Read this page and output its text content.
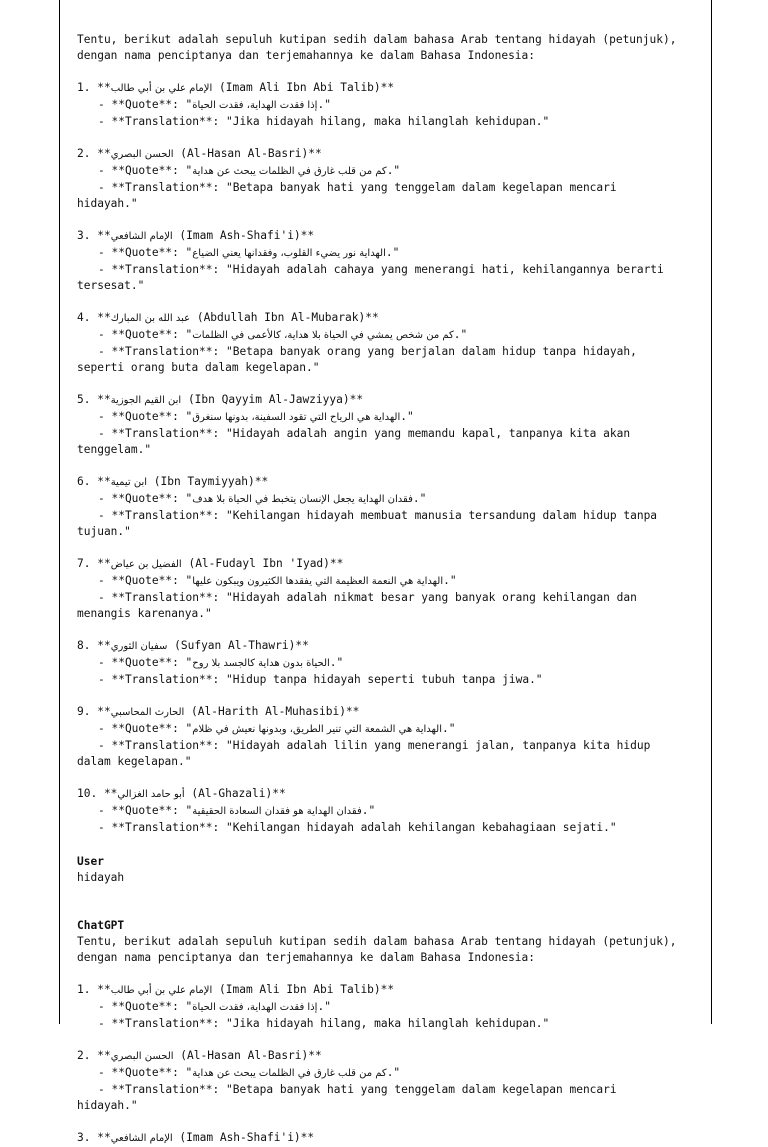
Tentu, berikut adalah sepuluh kutipan sedih dalam bahasa Arab tentang hidayah (petunjuk),
dengan nama penciptanya dan terjemahannya ke dalam Bahasa Indonesia:
1. **الإمام علي بن أبي طالب (Imam Ali Ibn Abi Talib)**
- **Quote**: "إذا فقدت الهداية، فقدت الحياة."
- **Translation**: "Jika hidayah hilang, maka hilanglah kehidupan."
2. **الحسن البصري (Al-Hasan Al-Basri)**
- **Quote**: "كم من قلب غارق في الظلمات يبحث عن هداية."
- **Translation**: "Betapa banyak hati yang tenggelam dalam kegelapan mencari
hidayah."
3. **الإمام الشافعي (Imam Ash-Shafi'i)**
- **Quote**: "الهداية نور يضيء القلوب، وفقدانها يعني الضياع."
- **Translation**: "Hidayah adalah cahaya yang menerangi hati, kehilangannya berarti
tersesat."
4. **عبد الله بن المبارك (Abdullah Ibn Al-Mubarak)**
- **Quote**: "كم من شخص يمشي في الحياة بلا هداية، كالأعمى في الظلمات."
- **Translation**: "Betapa banyak orang yang berjalan dalam hidup tanpa hidayah,
seperti orang buta dalam kegelapan."
5. **ابن القيم الجوزية (Ibn Qayyim Al-Jawziyya)**
- **Quote**: "الهداية هي الرياح التي تقود السفينة، بدونها سنغرق."
- **Translation**: "Hidayah adalah angin yang memandu kapal, tanpanya kita akan
tenggelam."
6. **ابن تيمية (Ibn Taymiyyah)**
- **Quote**: "فقدان الهداية يجعل الإنسان يتخبط في الحياة بلا هدف."
- **Translation**: "Kehilangan hidayah membuat manusia tersandung dalam hidup tanpa
tujuan."
7. **الفضيل بن عياض (Al-Fudayl Ibn 'Iyad)**
- **Quote**: "الهداية هي النعمة العظيمة التي يفقدها الكثيرون ويبكون عليها."
- **Translation**: "Hidayah adalah nikmat besar yang banyak orang kehilangan dan
menangis karenanya."
8. **سفيان الثوري (Sufyan Al-Thawri)**
- **Quote**: "الحياة بدون هداية كالجسد بلا روح."
- **Translation**: "Hidup tanpa hidayah seperti tubuh tanpa jiwa."
9. **الحارث المحاسبي (Al-Harith Al-Muhasibi)**
- **Quote**: "الهداية هي الشمعة التي تنير الطريق، وبدونها نعيش في ظلام."
- **Translation**: "Hidayah adalah lilin yang menerangi jalan, tanpanya kita hidup
dalam kegelapan."
10. **أبو حامد الغزالي (Al-Ghazali)**
- **Quote**: "فقدان الهداية هو فقدان السعادة الحقيقية."
- **Translation**: "Kehilangan hidayah adalah kehilangan kebahagiaan sejati."
User
hidayah
ChatGPT
Tentu, berikut adalah sepuluh kutipan sedih dalam bahasa Arab tentang hidayah (petunjuk),
dengan nama penciptanya dan terjemahannya ke dalam Bahasa Indonesia:
1. **الإمام علي بن أبي طالب (Imam Ali Ibn Abi Talib)**
- **Quote**: "إذا فقدت الهداية، فقدت الحياة."
- **Translation**: "Jika hidayah hilang, maka hilanglah kehidupan."
2. **الحسن البصري (Al-Hasan Al-Basri)**
- **Quote**: "كم من قلب غارق في الظلمات يبحث عن هداية."
- **Translation**: "Betapa banyak hati yang tenggelam dalam kegelapan mencari
hidayah."
3. **الإمام الشافعي (Imam Ash-Shafi'i)**
